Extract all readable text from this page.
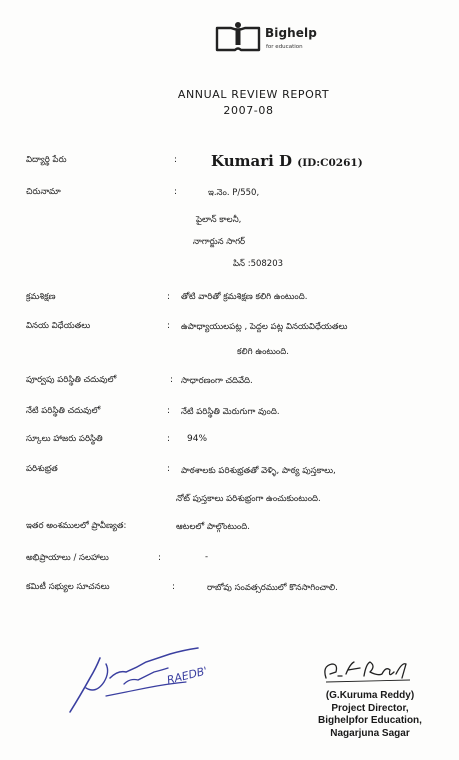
Bighelp
for education
ANNUAL REVIEW REPORT
2007-08
విద్యార్థి పేరు	: Kumari D (ID:C0261)
చిరునామా	:	ఇ.నెం. P/550,
పైలాన్ కాలనీ,
నాగార్జున సాగర్
పిన్ :508203
క్రమశిక్షణ	: తోటి వారితో క్రమశిక్షణ కలిగి ఉంటుంది.
వినయ విధేయతలు	: ఉపాధ్యాయులపట్ల , పెద్దల పట్ల వినయవిధేయతలు
కలిగి ఉంటుంది.
పూర్వపు పరిస్థితి చదువులో	: సాధారణంగా చదివేది.
నేటి పరిస్థితి చదువులో	: నేటి పరిస్థితి మెరుగుగా వుంది.
స్కూలు హాజరు పరిస్థితి	: 94%
పరిశుభ్రత	: పాఠశాలకు పరిశుభ్రతతో వెళ్ళి, పాఠ్య పుస్తకాలు,
నోట్ పుస్తకాలు పరిశుభ్రంగా ఉంచుకుంటుంది.
ఇతర అంశములలో ప్రావీణ్యత:	ఆటలలో పాల్గొంటుంది.
అభిప్రాయాలు / సలహాలు	:	-
కమిటీ సభ్యుల సూచనలు	:	రాబోవు సంవత్సరములో కొనసాగించాలి.
RAEDB'
(G.Kuruma Reddy)
Project Director,
Bighelpfor Education,
Nagarjuna Sagar
